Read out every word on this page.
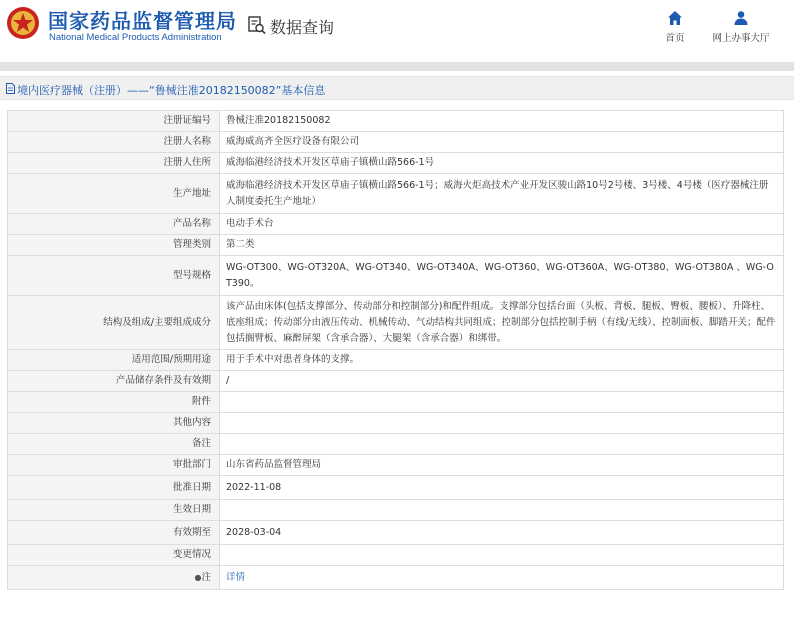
国家药品监督管理局
National Medical Products Administration
数据查询
首页	网上办事大厅
境内医疗器械（注册）——“鲁械注准20182150082”基本信息
注册证编号	鲁械注准20182150082
注册人名称	威海威高齐全医疗设备有限公司
注册人住所	威海临港经济技术开发区草庙子镇横山路566-1号
生产地址	威海临港经济技术开发区草庙子镇横山路566-1号；威海火炬高技术产业开发区骏山路10号2号楼、3号楼、4号楼（医疗器械注册人制度委托生产地址）
产品名称	电动手术台
管理类别	第二类
型号规格	WG-OT300、WG-OT320A、WG-OT340、WG-OT340A、WG-OT360、WG-OT360A、WG-OT380、WG-OT380A 、WG-OT390。
结构及组成/主要组成成分	该产品由床体(包括支撑部分、传动部分和控制部分)和配件组成。支撑部分包括台面（头板、背板、腿板、臀板、腰板）、升降柱、底座组成；传动部分由液压传动、机械传动、气动结构共同组成；控制部分包括控制手柄（有线/无线）、控制面板、脚踏开关；配件包括搁臂板、麻醉屏架（含承合器）、大腿架（含承合器）和绑带。
适用范围/预期用途	用于手术中对患者身体的支撑。
产品储存条件及有效期	/
附件	
其他内容	
备注	
审批部门	山东省药品监督管理局
批准日期	2022-11-08
生效日期	
有效期至	2028-03-04
变更情况	
●注	详情
